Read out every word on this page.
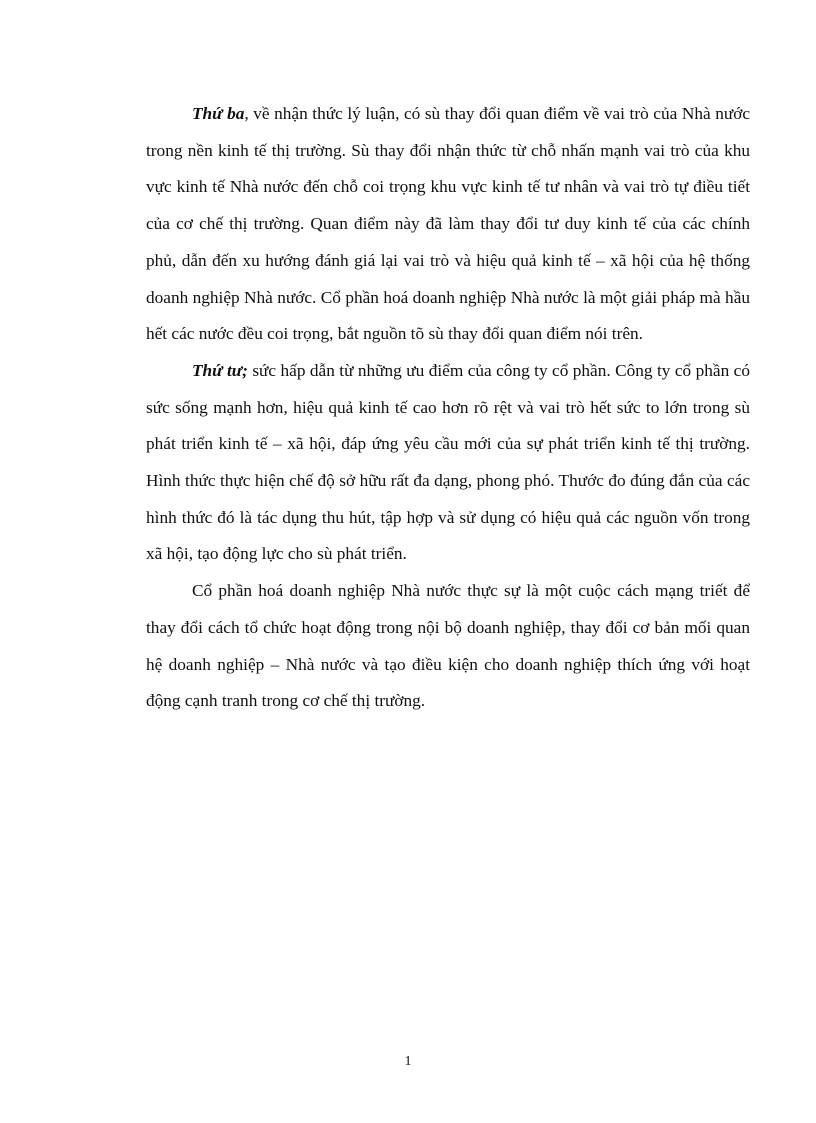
Thứ ba, về nhận thức lý luận, có sù thay đổi quan điểm về vai trò của Nhà nước trong nền kinh tế thị trường. Sù thay đổi nhận thức từ chỗ nhấn mạnh vai trò của khu vực kinh tế Nhà nước đến chỗ coi trọng khu vực kinh tế tư nhân và vai trò tự điều tiết của cơ chế thị trường. Quan điểm này đã làm thay đổi tư duy kinh tế của các chính phủ, dẫn đến xu hướng đánh giá lại vai trò và hiệu quả kinh tế – xã hội của hệ thống doanh nghiệp Nhà nước. Cổ phần hoá doanh nghiệp Nhà nước là một giải pháp mà hầu hết các nước đều coi trọng, bắt nguồn tõ sù thay đổi quan điểm nói trên.

Thứ tư; sức hấp dẫn từ những ưu điểm của công ty cổ phần. Công ty cổ phần có sức sống mạnh hơn, hiệu quả kinh tế cao hơn rõ rệt và vai trò hết sức to lớn trong sù phát triển kinh tế – xã hội, đáp ứng yêu cầu mới của sự phát triển kinh tế thị trường. Hình thức thực hiện chế độ sở hữu rất đa dạng, phong phó. Thước đo đúng đắn của các hình thức đó là tác dụng thu hút, tập hợp và sử dụng có hiệu quả các nguồn vốn trong xã hội, tạo động lực cho sù phát triển.

Cổ phần hoá doanh nghiệp Nhà nước thực sự là một cuộc cách mạng triết để thay đổi cách tổ chức hoạt động trong nội bộ doanh nghiệp, thay đổi cơ bản mối quan hệ doanh nghiệp – Nhà nước và tạo điều kiện cho doanh nghiệp thích ứng với hoạt động cạnh tranh trong cơ chế thị trường.

1
